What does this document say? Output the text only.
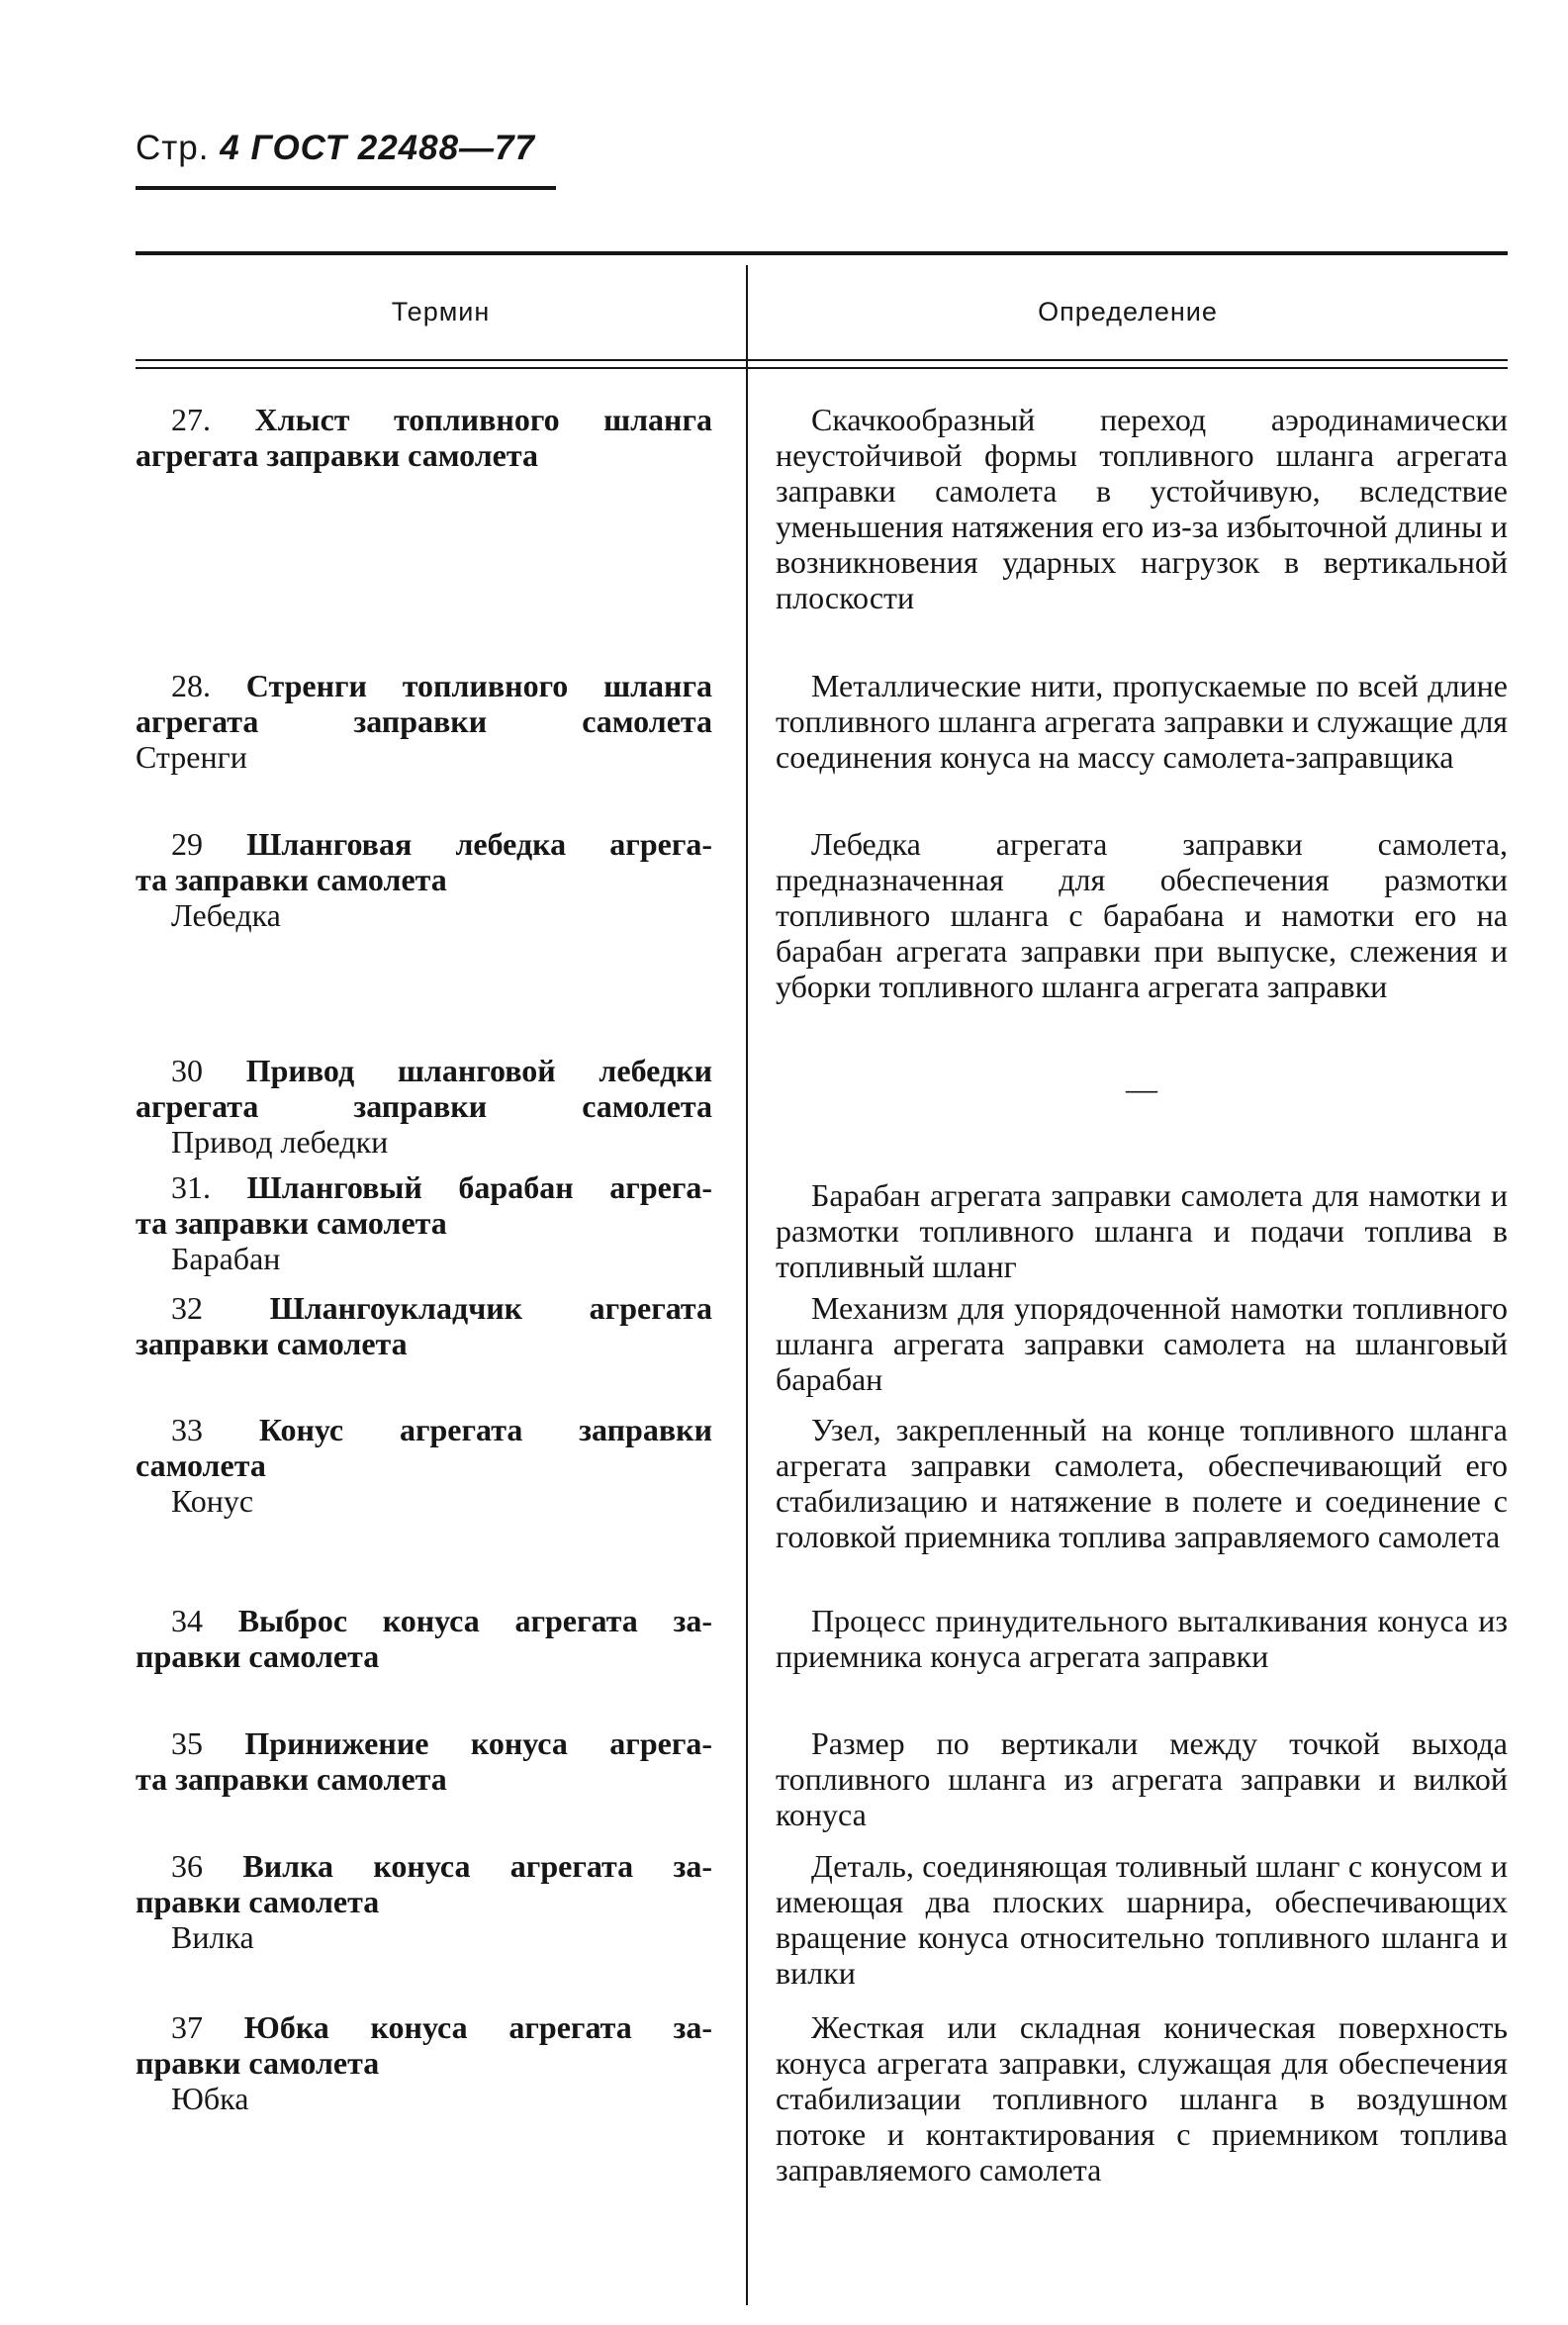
Стр. 4 ГОСТ 22488—77
Термин	Определение
27. Хлыст топливного шланга
агрегата заправки самолета
Скачкообразный переход аэродинамически неустойчивой формы топливного шланга агрегата заправки самолета в устойчивую, вследствие уменьшения натяжения его из-за избыточной длины и возникновения ударных нагрузок в вертикальной плоскости
28. Стренги топливного шланга
агрегата заправки самолета
Стренги
Металлические нити, пропускаемые по всей длине топливного шланга агрегата заправки и служащие для соединения конуса на массу самолета-заправщика
29 Шланговая лебедка агрега-
та заправки самолета
Лебедка
Лебедка агрегата заправки самолета, предназначенная для обеспечения размотки топливного шланга с барабана и намотки его на барабан агрегата заправки при выпуске, слежения и уборки топливного шланга агрегата заправки
30 Привод шланговой лебедки
агрегата заправки самолета
Привод лебедки
—
31. Шланговый барабан агрега-
та заправки самолета
Барабан
Барабан агрегата заправки самолета для намотки и размотки топливного шланга и подачи топлива в топливный шланг
32 Шлангоукладчик агрегата
заправки самолета
Механизм для упорядоченной намотки топливного шланга агрегата заправки самолета на шланговый барабан
33 Конус агрегата заправки
самолета
Конус
Узел, закрепленный на конце топливного шланга агрегата заправки самолета, обеспечивающий его стабилизацию и натяжение в полете и соединение с головкой приемника топлива заправляемого самолета
34 Выброс конуса агрегата за-
правки самолета
Процесс принудительного выталкивания конуса из приемника конуса агрегата заправки
35 Принижение конуса агрега-
та заправки самолета
Размер по вертикали между точкой выхода топливного шланга из агрегата заправки и вилкой конуса
36 Вилка конуса агрегата за-
правки самолета
Вилка
Деталь, соединяющая толивный шланг с конусом и имеющая два плоских шарнира, обеспечивающих вращение конуса относительно топливного шланга и вилки
37 Юбка конуса агрегата за-
правки самолета
Юбка
Жесткая или складная коническая поверхность конуса агрегата заправки, служащая для обеспечения стабилизации топливного шланга в воздушном потоке и контактирования с приемником топлива заправляемого самолета
